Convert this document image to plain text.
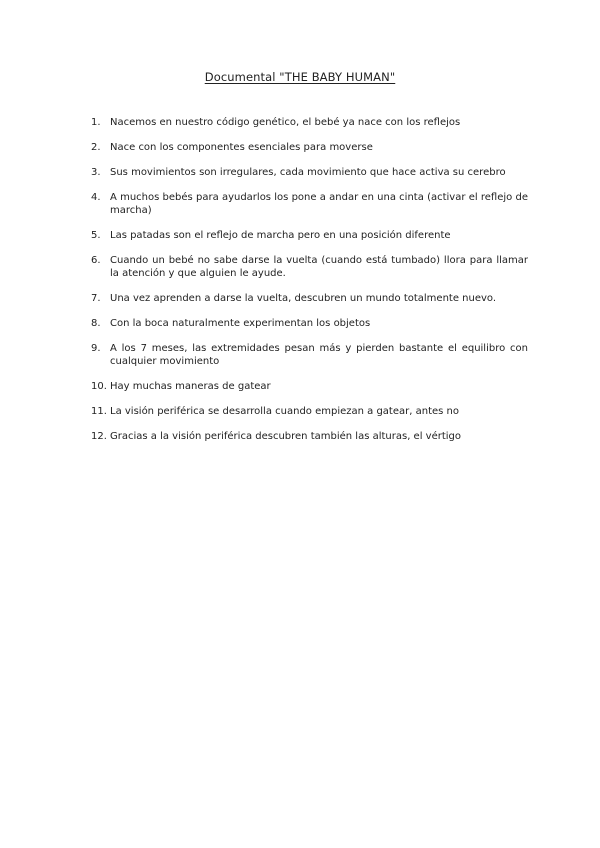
Documental "THE BABY HUMAN"
1. Nacemos en nuestro código genético, el bebé ya nace con los reflejos
2. Nace con los componentes esenciales para moverse
3. Sus movimientos son irregulares, cada movimiento que hace activa su cerebro
4. A muchos bebés para ayudarlos los pone a andar en una cinta (activar el reflejo de marcha)
5. Las patadas son el reflejo de marcha pero en una posición diferente
6. Cuando un bebé no sabe darse la vuelta (cuando está tumbado) llora para llamar la atención y que alguien le ayude.
7. Una vez aprenden a darse la vuelta, descubren un mundo totalmente nuevo.
8. Con la boca naturalmente experimentan los objetos
9. A los 7 meses, las extremidades pesan más y pierden bastante el equilibro con cualquier movimiento
10. Hay muchas maneras de gatear
11. La visión periférica se desarrolla cuando empiezan a gatear, antes no
12. Gracias a la visión periférica descubren también las alturas, el vértigo
